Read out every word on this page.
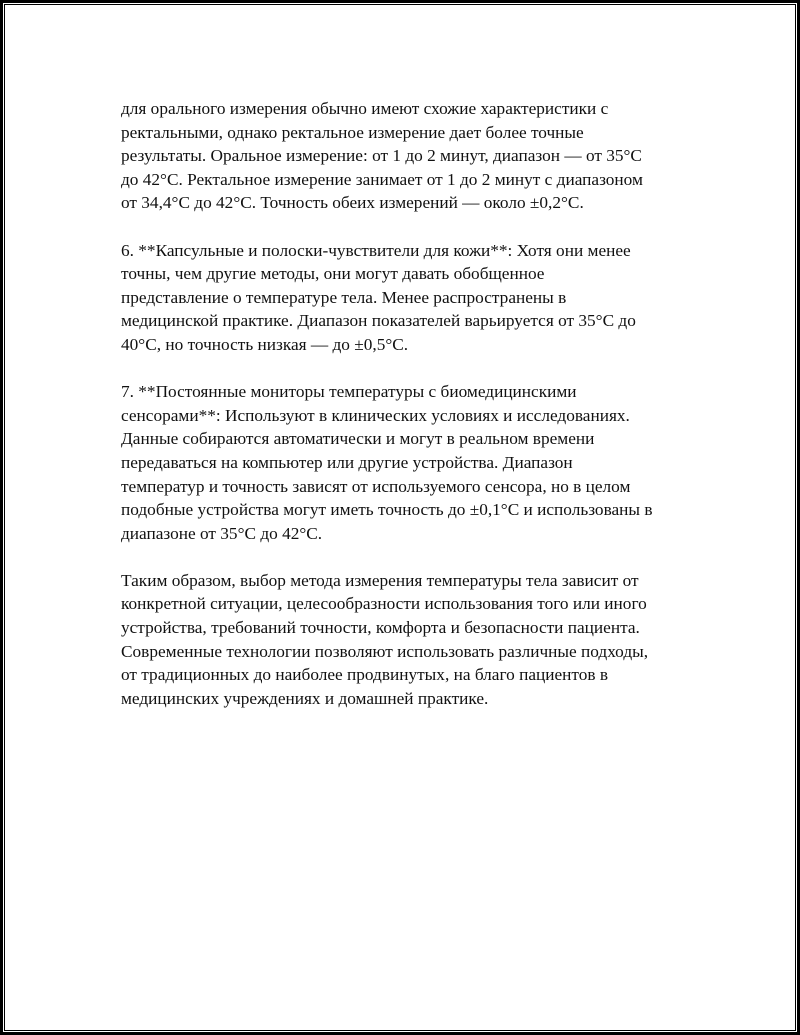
для орального измерения обычно имеют схожие характеристики с
ректальными, однако ректальное измерение дает более точные
результаты. Оральное измерение: от 1 до 2 минут, диапазон — от 35°C
до 42°C. Ректальное измерение занимает от 1 до 2 минут с диапазоном
от 34,4°C до 42°C. Точность обеих измерений — около ±0,2°C.

6. **Капсульные и полоски-чувствители для кожи**: Хотя они менее
точны, чем другие методы, они могут давать обобщенное
представление о температуре тела. Менее распространены в
медицинской практике. Диапазон показателей варьируется от 35°C до
40°C, но точность низкая — до ±0,5°C.

7. **Постоянные мониторы температуры с биомедицинскими
сенсорами**: Используют в клинических условиях и исследованиях.
Данные собираются автоматически и могут в реальном времени
передаваться на компьютер или другие устройства. Диапазон
температур и точность зависят от используемого сенсора, но в целом
подобные устройства могут иметь точность до ±0,1°C и использованы в
диапазоне от 35°C до 42°C.

Таким образом, выбор метода измерения температуры тела зависит от
конкретной ситуации, целесообразности использования того или иного
устройства, требований точности, комфорта и безопасности пациента.
Современные технологии позволяют использовать различные подходы,
от традиционных до наиболее продвинутых, на благо пациентов в
медицинских учреждениях и домашней практике.
